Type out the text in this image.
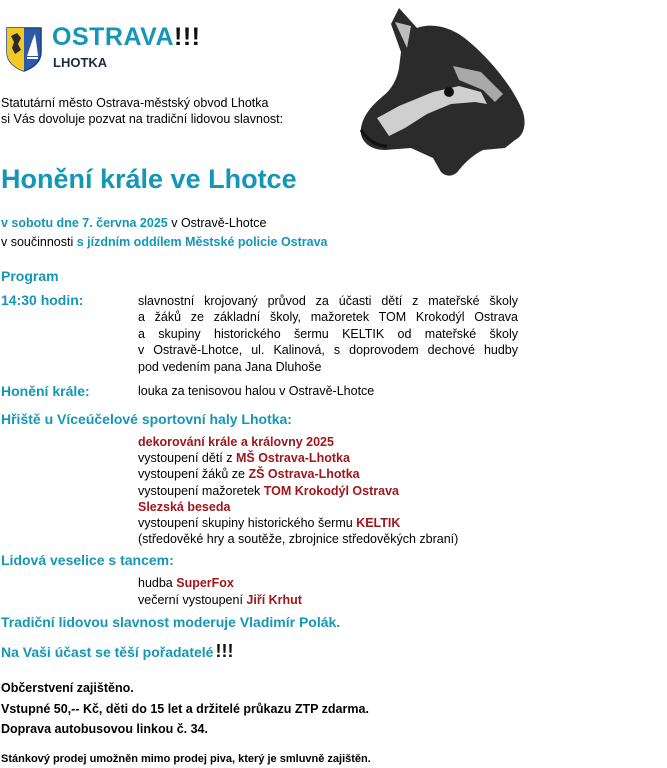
OSTRAVA!!!
LHOTKA
Statutární město Ostrava-městský obvod Lhotka
si Vás dovoluje pozvat na tradiční lidovou slavnost:
Honění krále ve Lhotce
v sobotu dne 7. června 2025 v Ostravě-Lhotce
v součinnosti s jízdním oddílem Městské policie Ostrava
Program
14:30 hodin:	slavnostní krojovaný průvod za účasti dětí z mateřské školy
a žáků ze základní školy, mažoretek TOM Krokodýl Ostrava
a skupiny historického šermu KELTIK od mateřské školy
v Ostravě-Lhotce, ul. Kalinová, s doprovodem dechové hudby
pod vedením pana Jana Dluhoše
Honění krále:	louka za tenisovou halou v Ostravě-Lhotce
Hřiště u Víceúčelové sportovní haly Lhotka:
dekorování krále a královny 2025
vystoupení dětí z MŠ Ostrava-Lhotka
vystoupení žáků ze ZŠ Ostrava-Lhotka
vystoupení mažoretek TOM Krokodýl Ostrava
Slezská beseda
vystoupení skupiny historického šermu KELTIK
(středověké hry a soutěže, zbrojnice středověkých zbraní)
Lidová veselice s tancem:
hudba SuperFox
večerní vystoupení Jiří Krhut
Tradiční lidovou slavnost moderuje Vladimír Polák.
Na Vaši účast se těší pořadatelé !!!
Občerstvení zajištěno.
Vstupné 50,-- Kč, děti do 15 let a držitelé průkazu ZTP zdarma.
Doprava autobusovou linkou č. 34.
Stánkový prodej umožněn mimo prodej piva, který je smluvně zajištěn.
